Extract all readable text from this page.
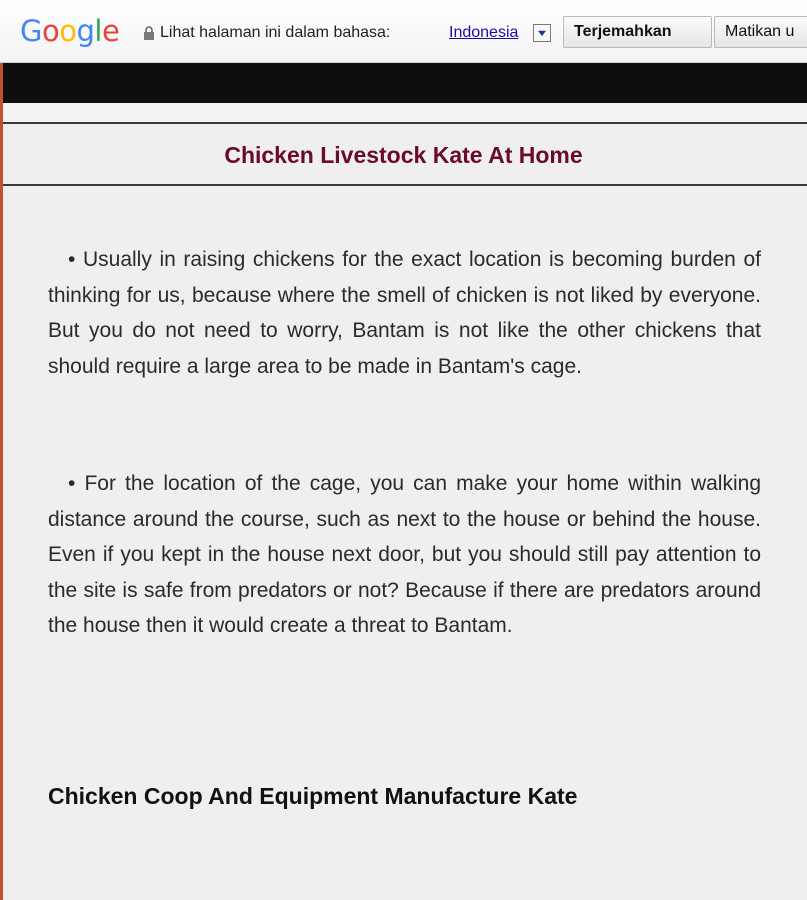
Google	Lihat halaman ini dalam bahasa:	Indonesia	Terjemahkan	Matikan u
Chicken Livestock Kate At Home

• Usually in raising chickens for the exact location is becoming burden of thinking for us, because where the smell of chicken is not liked by everyone. But you do not need to worry, Bantam is not like the other chickens that should require a large area to be made in Bantam's cage.

• For the location of the cage, you can make your home within walking distance around the course, such as next to the house or behind the house. Even if you kept in the house next door, but you should still pay attention to the site is safe from predators or not? Because if there are predators around the house then it would create a threat to Bantam.

Chicken Coop And Equipment Manufacture Kate
